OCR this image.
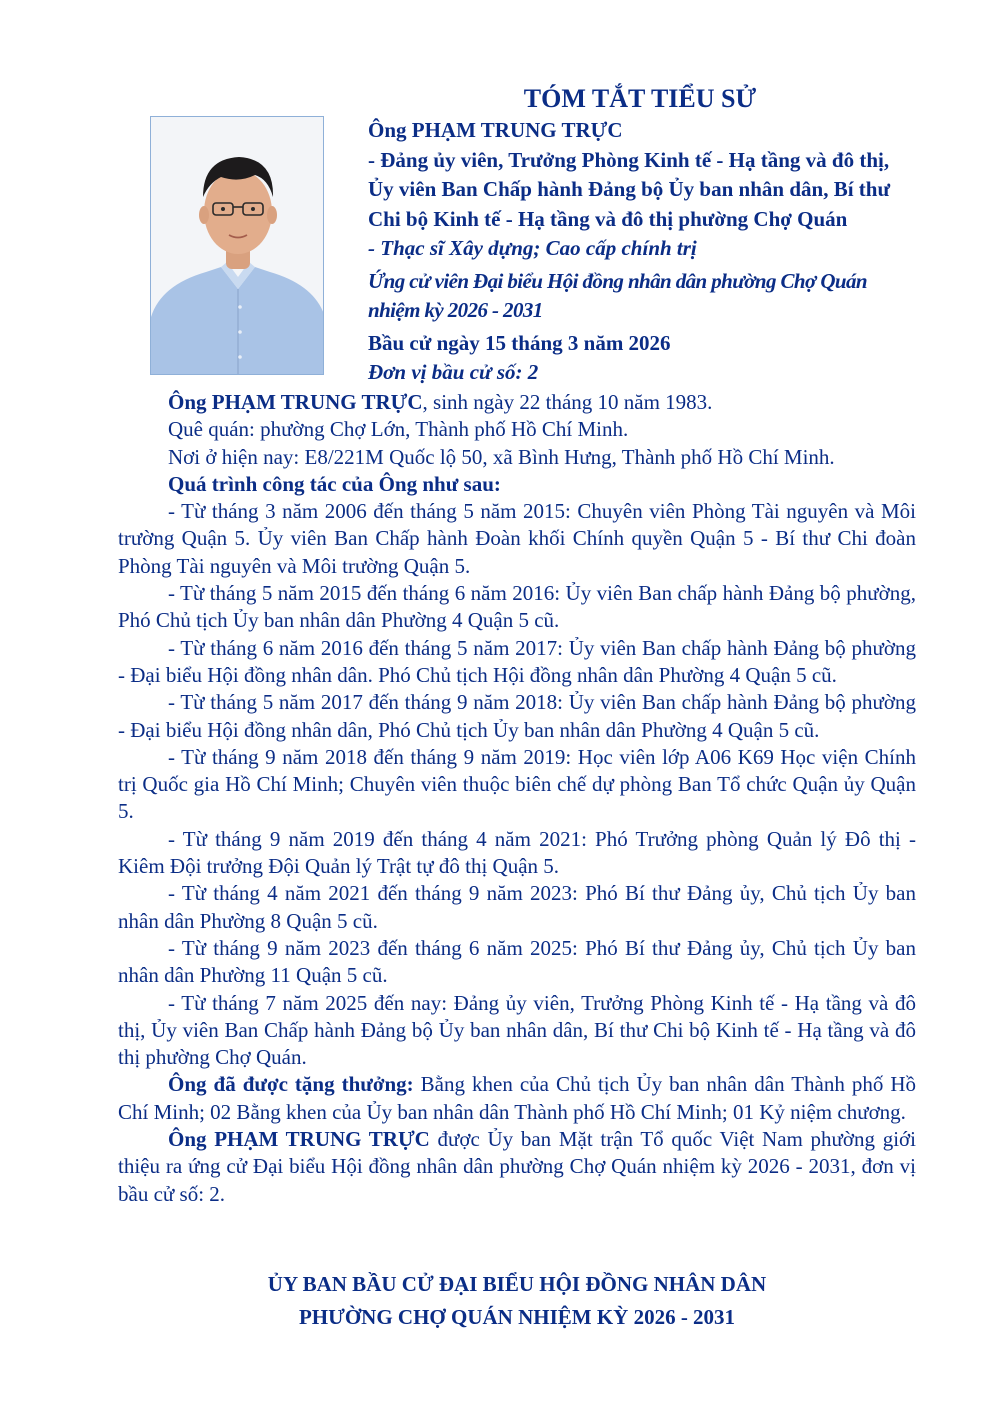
TÓM TẮT TIỂU SỬ
Ông PHẠM TRUNG TRỰC
- Đảng ủy viên, Trưởng Phòng Kinh tế - Hạ tầng và đô thị, Ủy viên Ban Chấp hành Đảng bộ Ủy ban nhân dân, Bí thư Chi bộ Kinh tế - Hạ tầng và đô thị phường Chợ Quán
- Thạc sĩ Xây dựng; Cao cấp chính trị
Ứng cử viên Đại biểu Hội đồng nhân dân phường Chợ Quán nhiệm kỳ 2026 - 2031
Bầu cử ngày 15 tháng 3 năm 2026
Đơn vị bầu cử số: 2

Ông PHẠM TRUNG TRỰC, sinh ngày 22 tháng 10 năm 1983.

Quê quán: phường Chợ Lớn, Thành phố Hồ Chí Minh.

Nơi ở hiện nay: E8/221M Quốc lộ 50, xã Bình Hưng, Thành phố Hồ Chí Minh.

Quá trình công tác của Ông như sau:

- Từ tháng 3 năm 2006 đến tháng 5 năm 2015: Chuyên viên Phòng Tài nguyên và Môi trường Quận 5. Ủy viên Ban Chấp hành Đoàn khối Chính quyền Quận 5 - Bí thư Chi đoàn Phòng Tài nguyên và Môi trường Quận 5.

- Từ tháng 5 năm 2015 đến tháng 6 năm 2016: Ủy viên Ban chấp hành Đảng bộ phường, Phó Chủ tịch Ủy ban nhân dân Phường 4 Quận 5 cũ.

- Từ tháng 6 năm 2016 đến tháng 5 năm 2017: Ủy viên Ban chấp hành Đảng bộ phường - Đại biểu Hội đồng nhân dân. Phó Chủ tịch Hội đồng nhân dân Phường 4 Quận 5 cũ.

- Từ tháng 5 năm 2017 đến tháng 9 năm 2018: Ủy viên Ban chấp hành Đảng bộ phường - Đại biểu Hội đồng nhân dân, Phó Chủ tịch Ủy ban nhân dân Phường 4 Quận 5 cũ.

- Từ tháng 9 năm 2018 đến tháng 9 năm 2019: Học viên lớp A06 K69 Học viện Chính trị Quốc gia Hồ Chí Minh; Chuyên viên thuộc biên chế dự phòng Ban Tổ chức Quận ủy Quận 5.

- Từ tháng 9 năm 2019 đến tháng 4 năm 2021: Phó Trưởng phòng Quản lý Đô thị - Kiêm Đội trưởng Đội Quản lý Trật tự đô thị Quận 5.

- Từ tháng 4 năm 2021 đến tháng 9 năm 2023: Phó Bí thư Đảng ủy, Chủ tịch Ủy ban nhân dân Phường 8 Quận 5 cũ.

- Từ tháng 9 năm 2023 đến tháng 6 năm 2025: Phó Bí thư Đảng ủy, Chủ tịch Ủy ban nhân dân Phường 11 Quận 5 cũ.

- Từ tháng 7 năm 2025 đến nay: Đảng ủy viên, Trưởng Phòng Kinh tế - Hạ tầng và đô thị, Ủy viên Ban Chấp hành Đảng bộ Ủy ban nhân dân, Bí thư Chi bộ Kinh tế - Hạ tầng và đô thị phường Chợ Quán.

Ông đã được tặng thưởng: Bằng khen của Chủ tịch Ủy ban nhân dân Thành phố Hồ Chí Minh; 02 Bằng khen của Ủy ban nhân dân Thành phố Hồ Chí Minh; 01 Kỷ niệm chương.

Ông PHẠM TRUNG TRỰC được Ủy ban Mặt trận Tổ quốc Việt Nam phường giới thiệu ra ứng cử Đại biểu Hội đồng nhân dân phường Chợ Quán nhiệm kỳ 2026 - 2031, đơn vị bầu cử số: 2.

ỦY BAN BẦU CỬ ĐẠI BIỂU HỘI ĐỒNG NHÂN DÂN
PHƯỜNG CHỢ QUÁN NHIỆM KỲ 2026 - 2031
